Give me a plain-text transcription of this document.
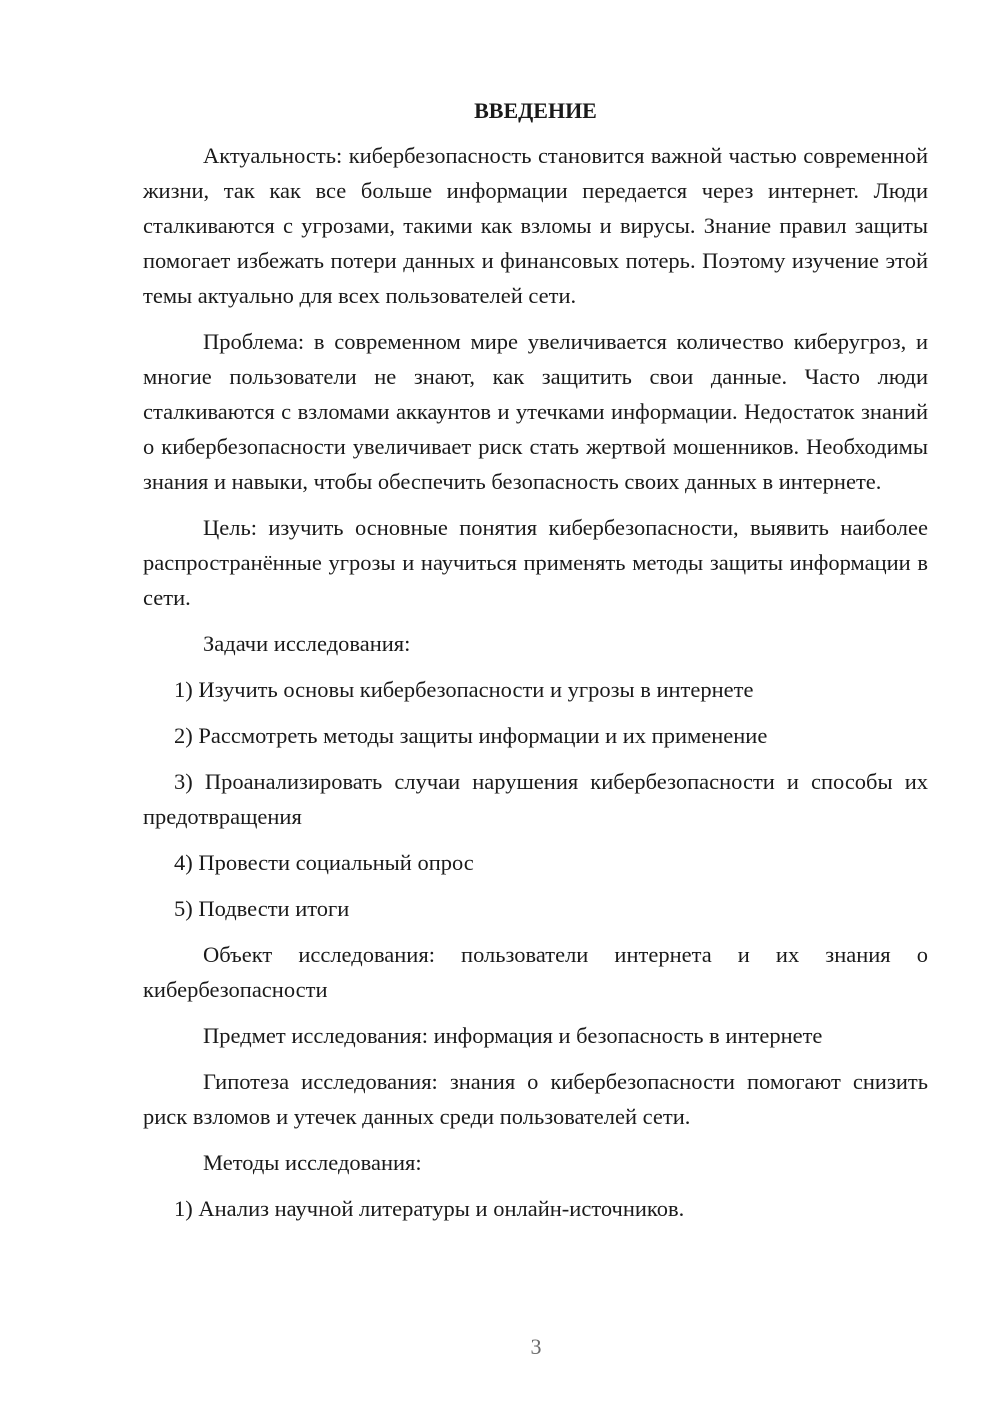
ВВЕДЕНИЕ

Актуальность: кибербезопасность становится важной частью современной жизни, так как все больше информации передается через интернет. Люди сталкиваются с угрозами, такими как взломы и вирусы. Знание правил защиты помогает избежать потери данных и финансовых потерь. Поэтому изучение этой темы актуально для всех пользователей сети.

Проблема: в современном мире увеличивается количество киберугроз, и многие пользователи не знают, как защитить свои данные. Часто люди сталкиваются с взломами аккаунтов и утечками информации. Недостаток знаний о кибербезопасности увеличивает риск стать жертвой мошенников. Необходимы знания и навыки, чтобы обеспечить безопасность своих данных в интернете.

Цель: изучить основные понятия кибербезопасности, выявить наиболее распространённые угрозы и научиться применять методы защиты информации в сети.

Задачи исследования:

1) Изучить основы кибербезопасности и угрозы в интернете

2) Рассмотреть методы защиты информации и их применение

3) Проанализировать случаи нарушения кибербезопасности и способы их предотвращения

4) Провести социальный опрос

5) Подвести итоги

Объект исследования: пользователи интернета и их знания о кибербезопасности

Предмет исследования: информация и безопасность в интернете

Гипотеза исследования: знания о кибербезопасности помогают снизить риск взломов и утечек данных среди пользователей сети.

Методы исследования:

1) Анализ научной литературы и онлайн-источников.

3
